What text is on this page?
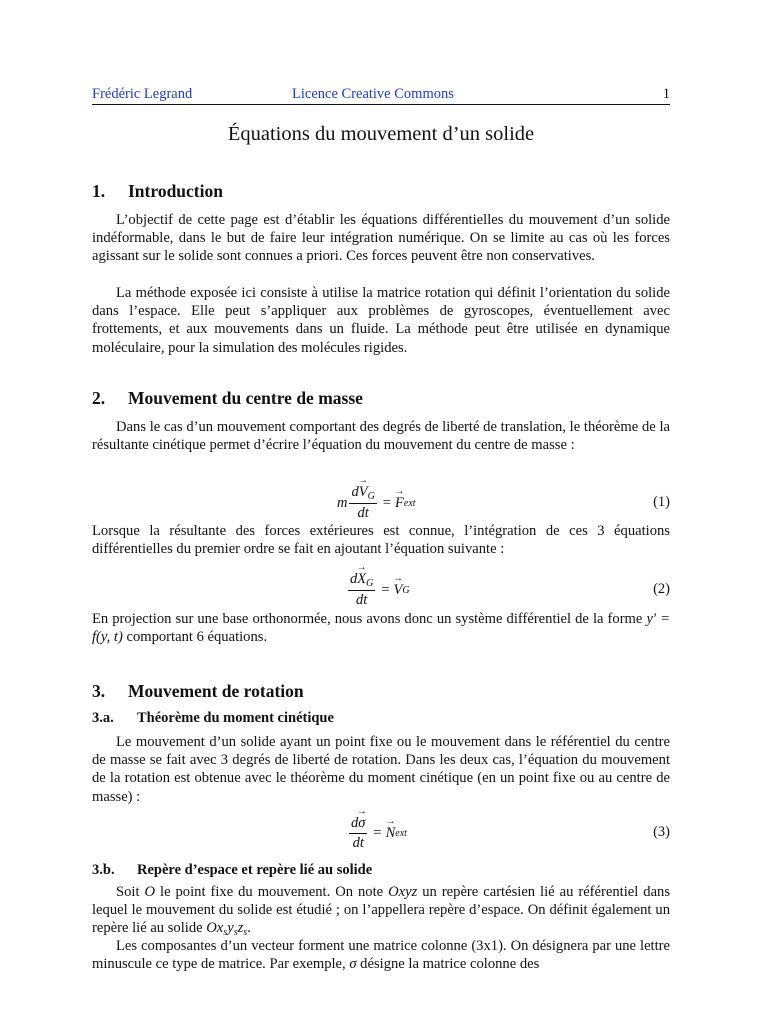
Frédéric Legrand	Licence Creative Commons	1
Équations du mouvement d’un solide
1. Introduction

L’objectif de cette page est d’établir les équations différentielles du mouvement d’un solide indéformable, dans le but de faire leur intégration numérique. On se limite au cas où les forces agissant sur le solide sont connues a priori. Ces forces peuvent être non conservatives.

La méthode exposée ici consiste à utilise la matrice rotation qui définit l’orientation du solide dans l’espace. Elle peut s’appliquer aux problèmes de gyroscopes, éventuellement avec frottements, et aux mouvements dans un fluide. La méthode peut être utilisée en dynamique moléculaire, pour la simulation des molécules rigides.

2. Mouvement du centre de masse

Dans le cas d’un mouvement comportant des degrés de liberté de translation, le théorème de la résultante cinétique permet d’écrire l’équation du mouvement du centre de masse :

m $\frac{d\to V_G}{dt}$ = → F ext	(1)

Lorsque la résultante des forces extérieures est connue, l’intégration de ces 3 équations différentielles du premier ordre se fait en ajoutant l’équation suivante :

$\frac{d\to X_G}{dt}$ = → V G	(2)

En projection sur une base orthonormée, nous avons donc un système différentiel de la forme y′ = f(y, t) comportant 6 équations.

3. Mouvement de rotation
3.a. Théorème du moment cinétique

Le mouvement d’un solide ayant un point fixe ou le mouvement dans le référentiel du centre de masse se fait avec 3 degrés de liberté de rotation. Dans les deux cas, l’équation du mouvement de la rotation est obtenue avec le théorème du moment cinétique (en un point fixe ou au centre de masse) :

$\frac{d\to \sigma}{dt}$ = → N ext	(3)
3.b. Repère d’espace et repère lié au solide

Soit O le point fixe du mouvement. On note Oxyz un repère cartésien lié au référentiel dans lequel le mouvement du solide est étudié ; on l’appellera repère d’espace. On définit également un repère lié au solide $Ox_sy_sz_s$.

Les composantes d’un vecteur forment une matrice colonne (3x1). On désignera par une lettre minuscule ce type de matrice. Par exemple, σ désigne la matrice colonne des
